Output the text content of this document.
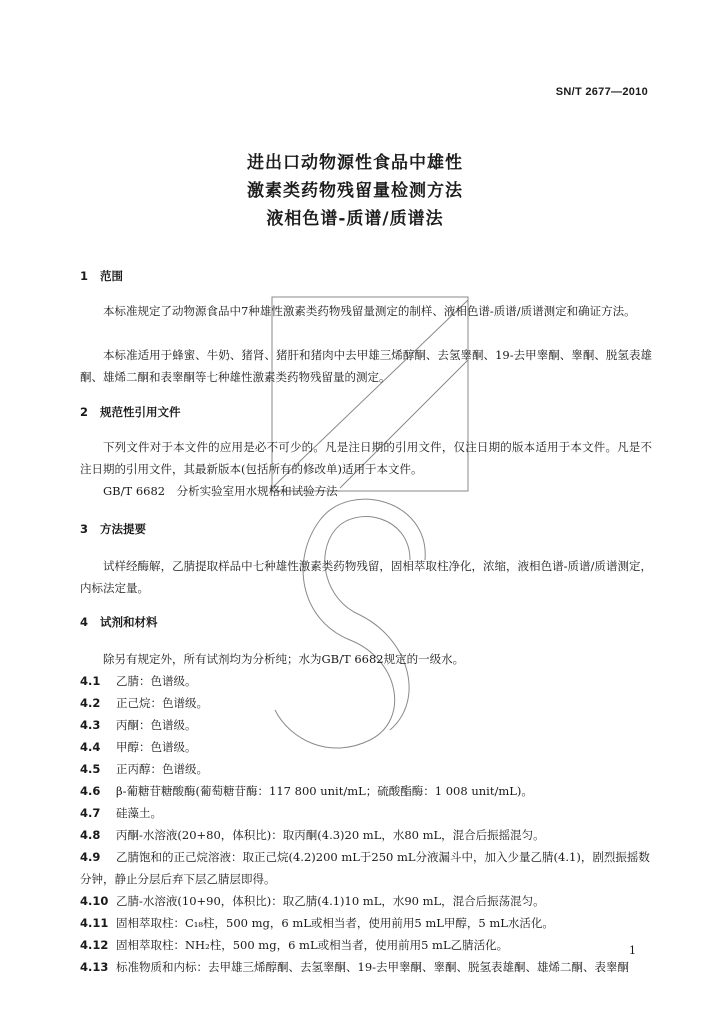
SN/T 2677—2010
进出口动物源性食品中雄性
激素类药物残留量检测方法
液相色谱-质谱/质谱法
1 范围
本标准规定了动物源食品中7种雄性激素类药物残留量测定的制样、液相色谱-质谱/质谱测定和确证方法。
本标准适用于蜂蜜、牛奶、猪肾、猪肝和猪肉中去甲雄三烯醇酮、去氢睾酮、19-去甲睾酮、睾酮、脱氢表雄酮、雄烯二酮和表睾酮等七种雄性激素类药物残留量的测定。
2 规范性引用文件
下列文件对于本文件的应用是必不可少的。凡是注日期的引用文件，仅注日期的版本适用于本文件。凡是不注日期的引用文件，其最新版本(包括所有的修改单)适用于本文件。
GB/T 6682　分析实验室用水规格和试验方法
3 方法提要
试样经酶解，乙腈提取样品中七种雄性激素类药物残留，固相萃取柱净化，浓缩，液相色谱-质谱/质谱测定，内标法定量。
4 试剂和材料
除另有规定外，所有试剂均为分析纯；水为GB/T 6682规定的一级水。
4.1 乙腈：色谱级。
4.2 正己烷：色谱级。
4.3 丙酮：色谱级。
4.4 甲醇：色谱级。
4.5 正丙醇：色谱级。
4.6 β-葡糖苷糖酸酶(葡萄糖苷酶：117 800 unit/mL；硫酸酯酶：1 008 unit/mL)。
4.7 硅藻土。
4.8 丙酮-水溶液(20+80，体积比)：取丙酮(4.3)20 mL，水80 mL，混合后振摇混匀。
4.9 乙腈饱和的正己烷溶液：取正己烷(4.2)200 mL于250 mL分液漏斗中，加入少量乙腈(4.1)，剧烈振摇数分钟，静止分层后弃下层乙腈层即得。
4.10 乙腈-水溶液(10+90，体积比)：取乙腈(4.1)10 mL，水90 mL，混合后振荡混匀。
4.11 固相萃取柱：C₁₈柱，500 mg，6 mL或相当者，使用前用5 mL甲醇，5 mL水活化。
4.12 固相萃取柱：NH₂柱，500 mg，6 mL或相当者，使用前用5 mL乙腈活化。
4.13 标准物质和内标：去甲雄三烯醇酮、去氢睾酮、19-去甲睾酮、睾酮、脱氢表雄酮、雄烯二酮、表睾酮
1
